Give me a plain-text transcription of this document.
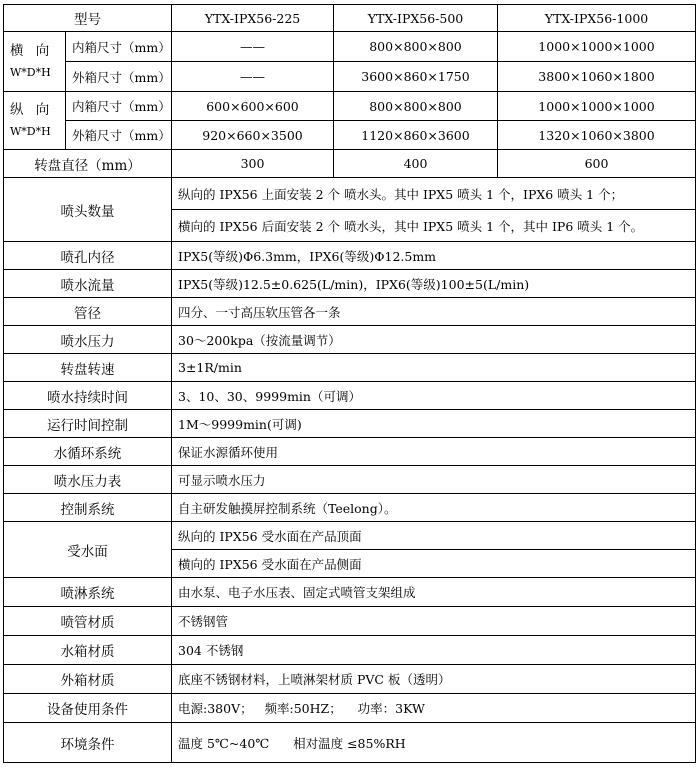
型号		YTX-IPX56-225	YTX-IPX56-500	YTX-IPX56-1000

横 向
W*D*H	内箱尺寸（mm）	——	800×800×800	1000×1000×1000
	外箱尺寸（mm）	——	3600×860×1750	3800×1060×1800

纵 向
W*D*H	内箱尺寸（mm）	600×600×600	800×800×800	1000×1000×1000
	外箱尺寸（mm）	920×660×3500	1120×860×3600	1320×1060×3800
转盘直径（mm）		300	400	600
喷头数量		纵向的 IPX56 上面安装 2 个 喷水头。其中 IPX5 喷头 1 个，IPX6 喷头 1 个；		
		横向的 IPX56 后面安装 2 个 喷水头，其中 IPX5 喷头 1 个，其中 IP6 喷头 1 个。		
喷孔内径		IPX5(等级)Φ6.3mm，IPX6(等级)Φ12.5mm		
喷水流量		IPX5(等级)12.5±0.625(L/min)，IPX6(等级)100±5(L/min)		
管径		四分、一寸高压软压管各一条		
喷水压力		30～200kpa（按流量调节）		
转盘转速		3±1R/min		
喷水持续时间		3、10、30、9999min（可调）		
运行时间控制		1M～9999min(可调)		
水循环系统		保证水源循环使用		
喷水压力表		可显示喷水压力		
控制系统		自主研发触摸屏控制系统（Teelong）。		
受水面		纵向的 IPX56 受水面在产品顶面		
		横向的 IPX56 受水面在产品侧面		
喷淋系统		由水泵、电子水压表、固定式喷管支架组成		
喷管材质		不锈钢管		
水箱材质		304 不锈钢		
外箱材质		底座不锈钢材料，上喷淋架材质 PVC 板（透明）		
设备使用条件		电源:380V；   频率:50HZ；    功率：3KW		
环境条件		温度 5℃~40℃      相对温度 ≤85%RH		
